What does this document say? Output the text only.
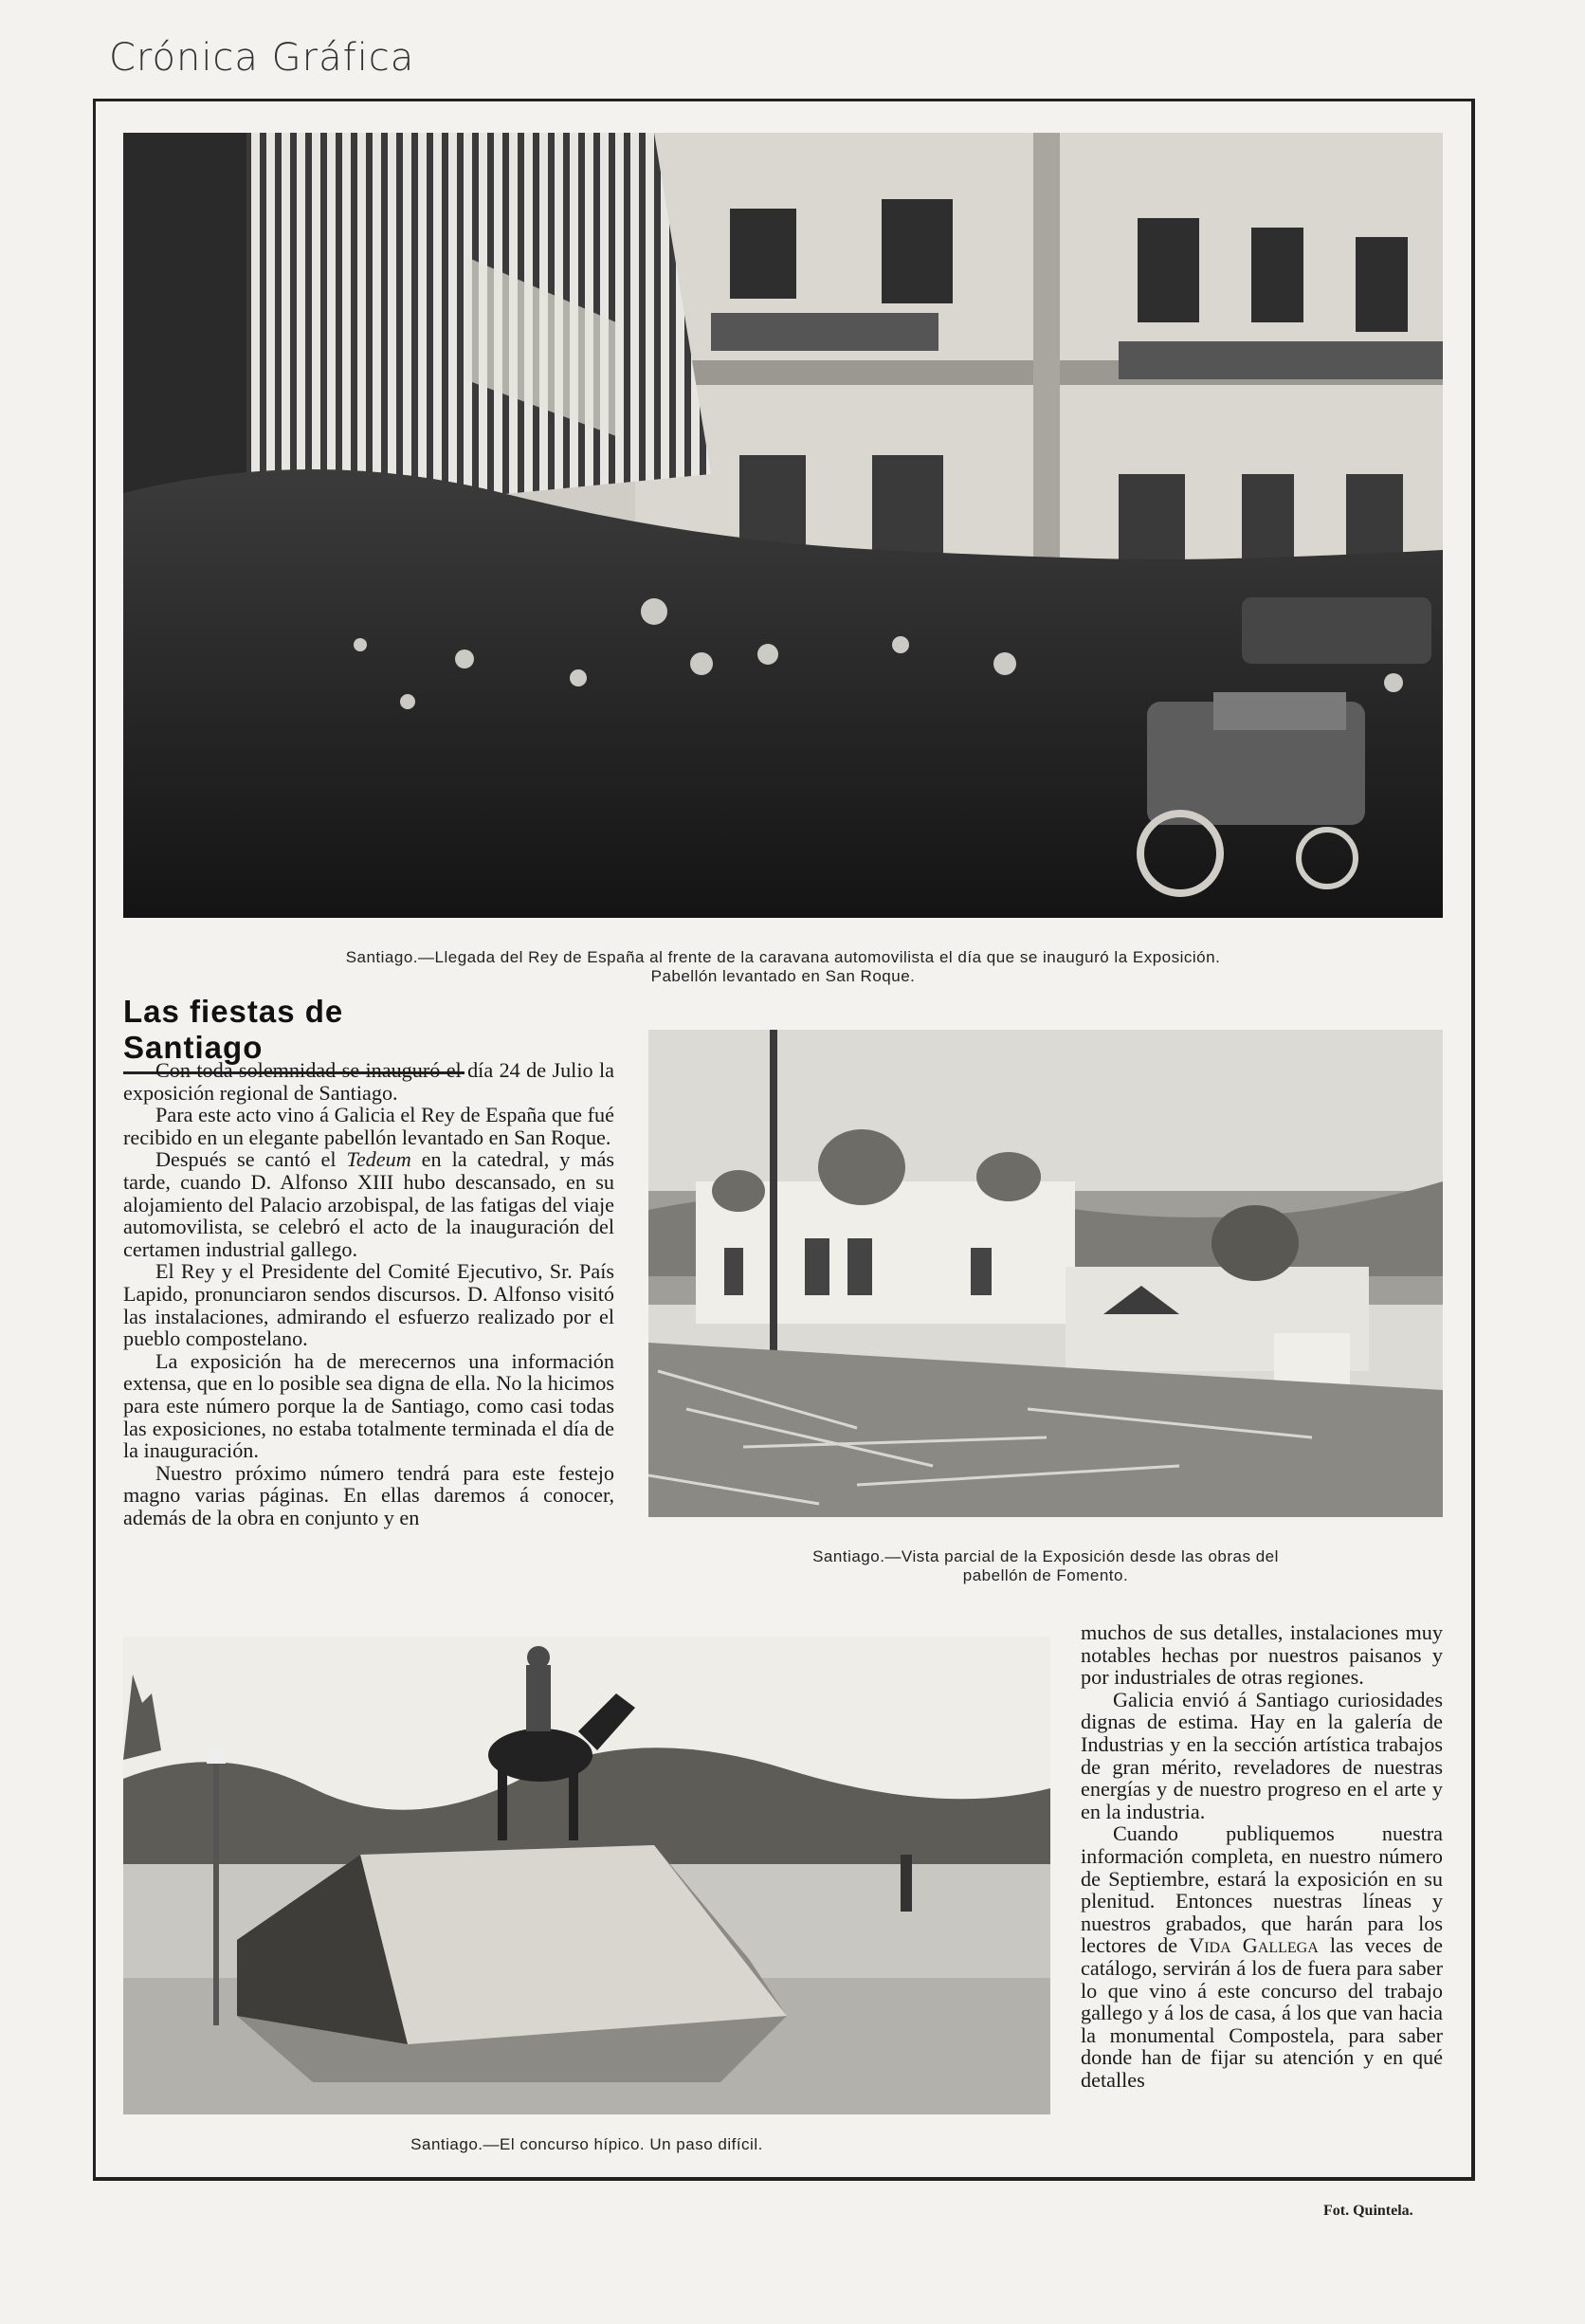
Crónica Gráfica
Santiago.—Llegada del Rey de España al frente de la caravana automovilista el día que se inauguró la Exposición.
Pabellón levantado en San Roque.
Las fiestas de Santiago

Con toda solemnidad se inauguró el día 24 de Julio la exposición regional de Santiago.

Para este acto vino á Galicia el Rey de España que fué recibido en un elegante pabellón levantado en San Roque.

Después se cantó el Tedeum en la catedral, y más tarde, cuando D. Alfonso XIII hubo descansado, en su alojamiento del Palacio arzobispal, de las fatigas del viaje automovilista, se celebró el acto de la inauguración del certamen industrial gallego.

El Rey y el Presidente del Comité Ejecutivo, Sr. País Lapido, pronunciaron sendos discursos. D. Alfonso visitó las instalaciones, admirando el esfuerzo realizado por el pueblo compostelano.

La exposición ha de merecernos una información extensa, que en lo posible sea digna de ella. No la hicimos para este número porque la de Santiago, como casi todas las exposiciones, no estaba totalmente terminada el día de la inauguración.

Nuestro próximo número tendrá para este festejo magno varias páginas. En ellas daremos á conocer, además de la obra en conjunto y en

Santiago.—Vista parcial de la Exposición desde las obras del
pabellón de Fomento.
Santiago.—El concurso hípico. Un paso difícil.

muchos de sus detalles, instalaciones muy notables hechas por nuestros paisanos y por industriales de otras regiones.

Galicia envió á Santiago curiosidades dignas de estima. Hay en la galería de Industrias y en la sección artística trabajos de gran mérito, reveladores de nuestras energías y de nuestro progreso en el arte y en la industria.

Cuando publiquemos nuestra información completa, en nuestro número de Septiembre, estará la exposición en su plenitud. Entonces nuestras líneas y nuestros grabados, que harán para los lectores de Vida Gallega las veces de catálogo, servirán á los de fuera para saber lo que vino á este concurso del trabajo gallego y á los de casa, á los que van hacia la monumental Compostela, para saber donde han de fijar su atención y en qué detalles

Fot. Quintela.
